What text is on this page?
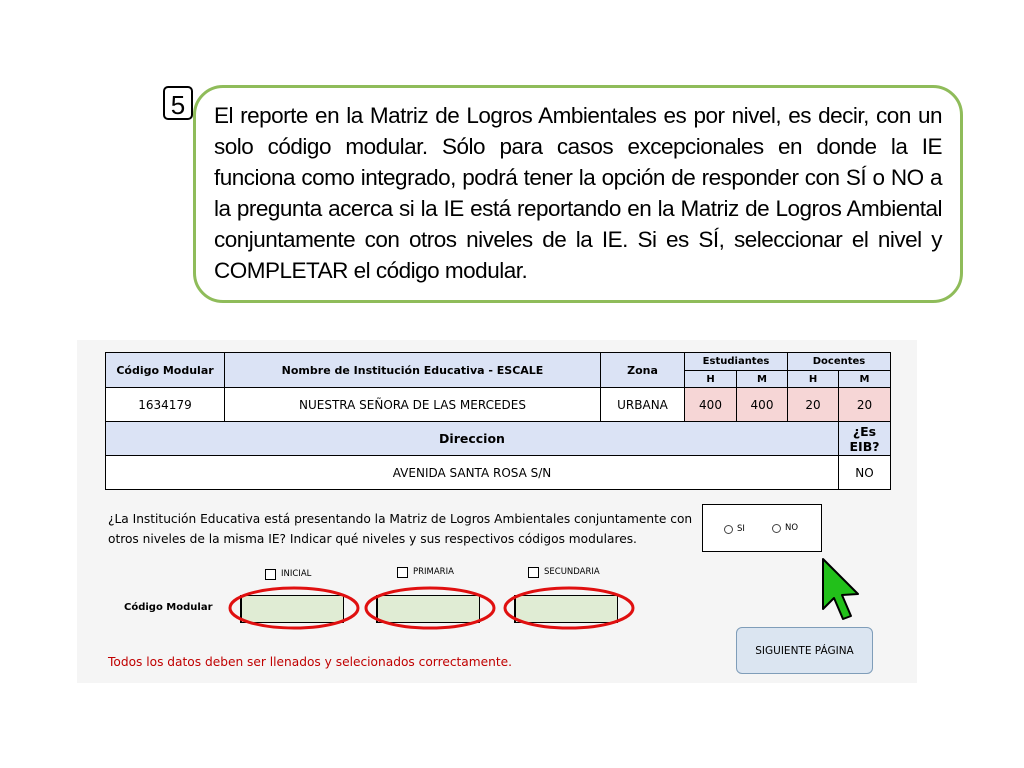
5	El reporte en la Matriz de Logros Ambientales es por nivel, es decir, con un solo código modular. Sólo para casos excepcionales en donde la IE funciona como integrado, podrá tener la opción de responder con SÍ o NO a la pregunta acerca si la IE está reportando en la Matriz de Logros Ambiental conjuntamente con otros niveles de la IE. Si es SÍ, seleccionar el nivel y COMPLETAR el código modular.
Código Modular	Nombre de Institución Educativa - ESCALE	Zona	Estudiantes		Docentes	
			H	M	H	M
1634179	NUESTRA SEÑORA DE LAS MERCEDES	URBANA	400	400	20	20
Direccion						¿Es EIB?
AVENIDA SANTA ROSA S/N						NO
¿La Institución Educativa está presentando la Matriz de Logros Ambientales conjuntamente con otros niveles de la misma IE? Indicar qué niveles y sus respectivos códigos modulares.
SI	NO
INICIAL	PRIMARIA	SECUNDARIA
Código Modular
Todos los datos deben ser llenados y selecionados correctamente.
SIGUIENTE PÁGINA
